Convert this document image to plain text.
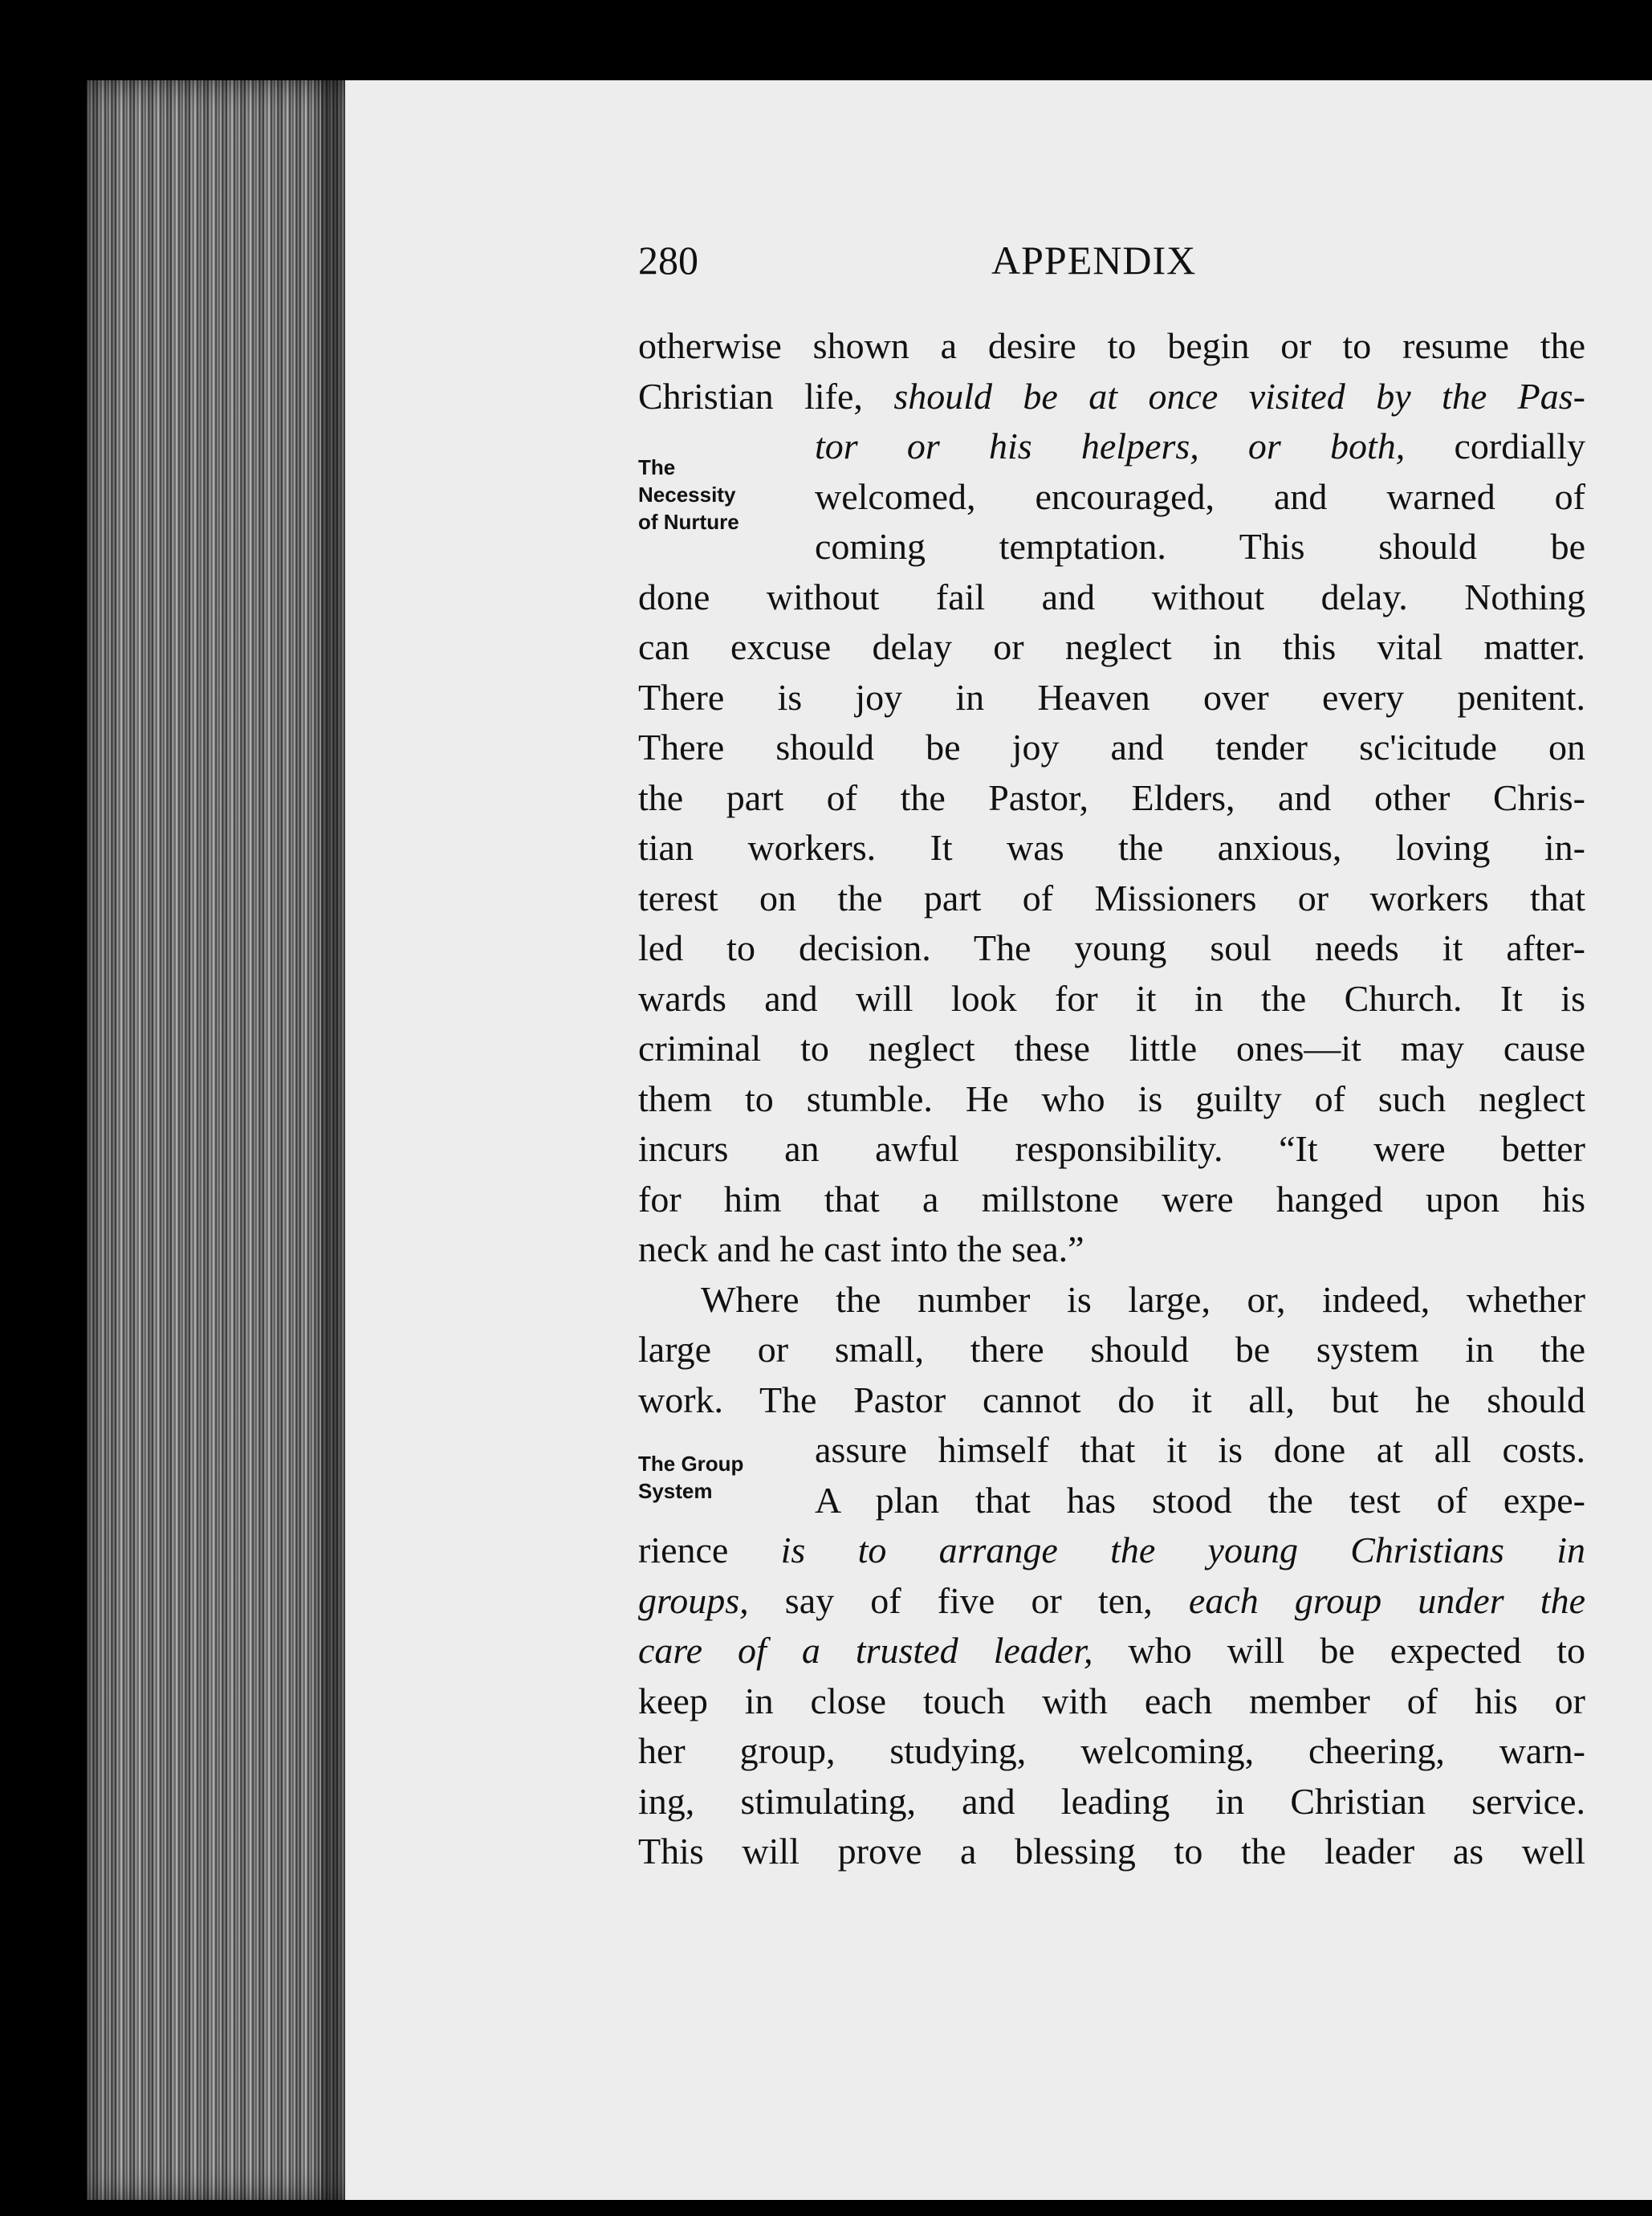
280	APPENDIX
The
Necessity
of Nurture
The Group
System
otherwise shown a desire to begin or to resume the
Christian life, should be at once visited by the Pas-
tor or his helpers, or both, cordially
welcomed, encouraged, and warned of
coming temptation. This should be
done without fail and without delay. Nothing
can excuse delay or neglect in this vital matter.
There is joy in Heaven over every penitent.
There should be joy and tender sc'icitude on
the part of the Pastor, Elders, and other Chris-
tian workers. It was the anxious, loving in-
terest on the part of Missioners or workers that
led to decision. The young soul needs it after-
wards and will look for it in the Church. It is
criminal to neglect these little ones—it may cause
them to stumble. He who is guilty of such neglect
incurs an awful responsibility. “It were better
for him that a millstone were hanged upon his
neck and he cast into the sea.”
Where the number is large, or, indeed, whether
large or small, there should be system in the
work. The Pastor cannot do it all, but he should
assure himself that it is done at all costs.
A plan that has stood the test of expe-
rience is to arrange the young Christians in
groups, say of five or ten, each group under the
care of a trusted leader, who will be expected to
keep in close touch with each member of his or
her group, studying, welcoming, cheering, warn-
ing, stimulating, and leading in Christian service.
This will prove a blessing to the leader as well
